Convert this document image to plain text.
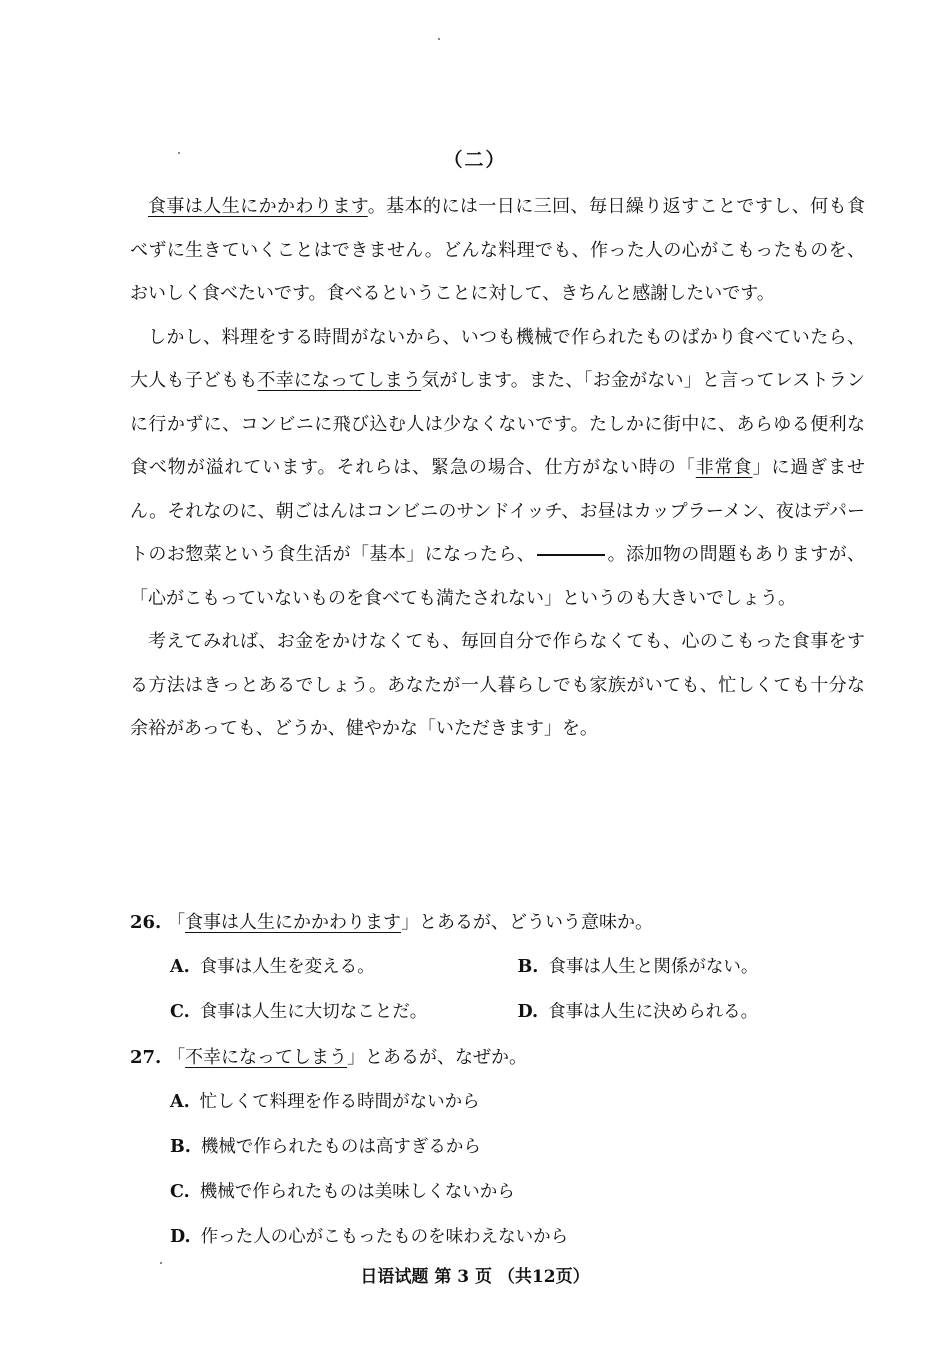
（二）

食事は人生にかかわります。基本的には一日に三回、毎日繰り返すことですし、何も食べずに生きていくことはできません。どんな料理でも、作った人の心がこもったものを、おいしく食べたいです。食べるということに対して、きちんと感謝したいです。

しかし、料理をする時間がないから、いつも機械で作られたものばかり食べていたら、大人も子どもも不幸になってしまう気がします。また、「お金がない」と言ってレストランに行かずに、コンビニに飛び込む人は少なくないです。たしかに街中に、あらゆる便利な食べ物が溢れています。それらは、緊急の場合、仕方がない時の「非常食」に過ぎません。それなのに、朝ごはんはコンビニのサンドイッチ、お昼はカップラーメン、夜はデパートのお惣菜という食生活が「基本」になったら、	。添加物の問題もありますが、「心がこもっていないものを食べても満たされない」というのも大きいでしょう。

考えてみれば、お金をかけなくても、毎回自分で作らなくても、心のこもった食事をする方法はきっとあるでしょう。あなたが一人暮らしでも家族がいても、忙しくても十分な余裕があっても、どうか、健やかな「いただきます」を。

26. 「食事は人生にかかわります」とあるが、どういう意味か。
A. 食事は人生を変える。	B. 食事は人生と関係がない。
C. 食事は人生に大切なことだ。	D. 食事は人生に決められる。
27. 「不幸になってしまう」とあるが、なぜか。
A. 忙しくて料理を作る時間がないから
B. 機械で作られたものは高すぎるから
C. 機械で作られたものは美味しくないから
D. 作った人の心がこもったものを味わえないから
日语试题 第 3 页 （共12页）
